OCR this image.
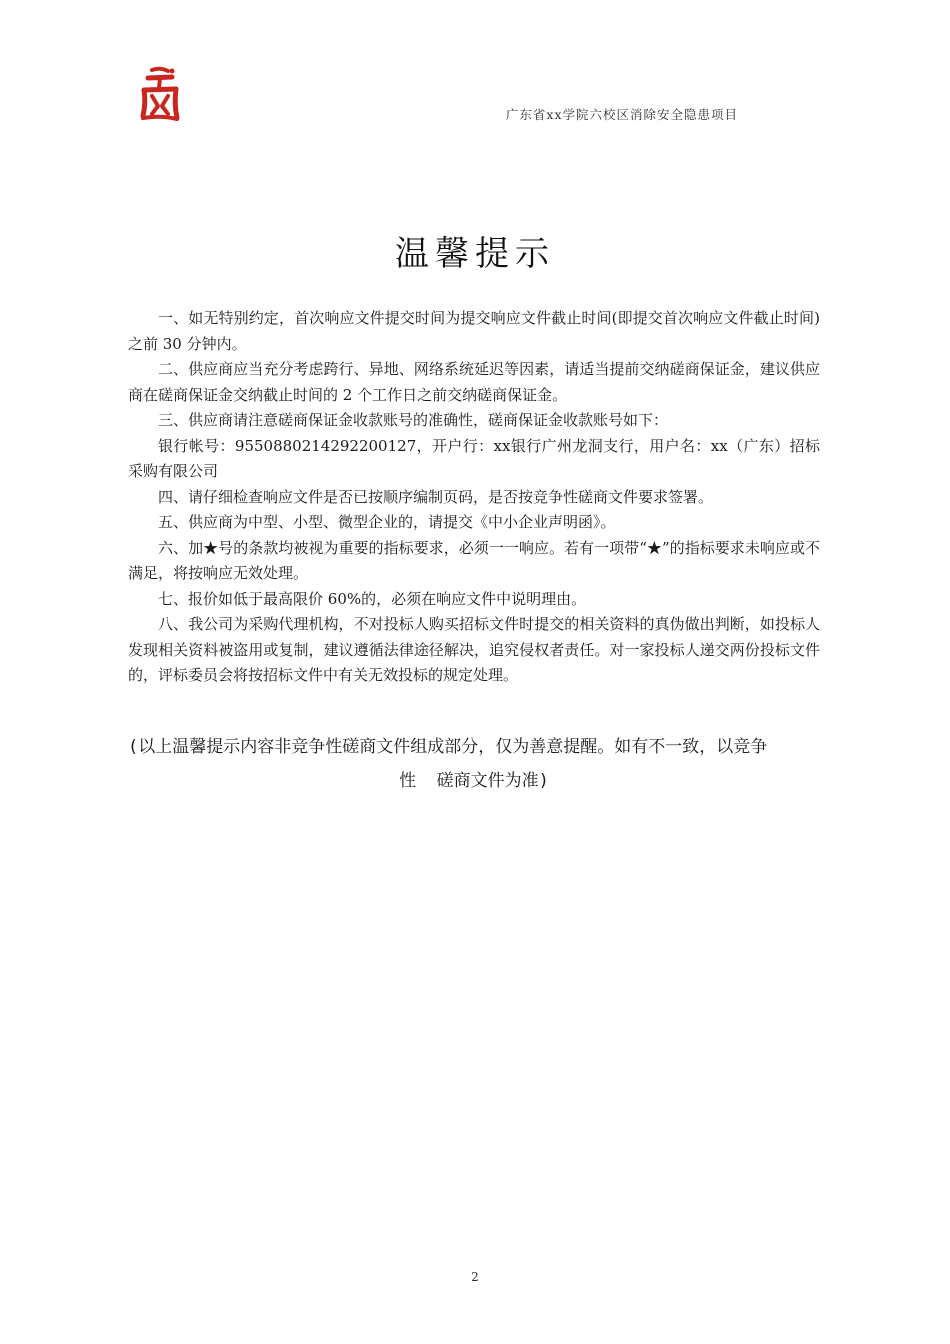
广东省xx学院六校区消除安全隐患项目
温馨提示

一、如无特别约定，首次响应文件提交时间为提交响应文件截止时间(即提交首次响应文件截止时间)之前 30 分钟内。

二、供应商应当充分考虑跨行、异地、网络系统延迟等因素，请适当提前交纳磋商保证金，建议供应商在磋商保证金交纳截止时间的 2 个工作日之前交纳磋商保证金。

三、供应商请注意磋商保证金收款账号的准确性，磋商保证金收款账号如下：

银行帐号：9550880214292200127，开户行：xx银行广州龙洞支行，用户名：xx（广东）招标采购有限公司

四、请仔细检查响应文件是否已按顺序编制页码，是否按竞争性磋商文件要求签署。

五、供应商为中型、小型、微型企业的，请提交《中小企业声明函》。

六、加★号的条款均被视为重要的指标要求，必须一一响应。若有一项带“★”的指标要求未响应或不满足，将按响应无效处理。

七、报价如低于最高限价 60%的，必须在响应文件中说明理由。

八、我公司为采购代理机构，不对投标人购买招标文件时提交的相关资料的真伪做出判断，如投标人发现相关资料被盗用或复制，建议遵循法律途径解决，追究侵权者责任。对一家投标人递交两份投标文件的，评标委员会将按招标文件中有关无效投标的规定处理。

(以上温馨提示内容非竞争性磋商文件组成部分，仅为善意提醒。如有不一致，以竞争
性  磋商文件为准)
2
